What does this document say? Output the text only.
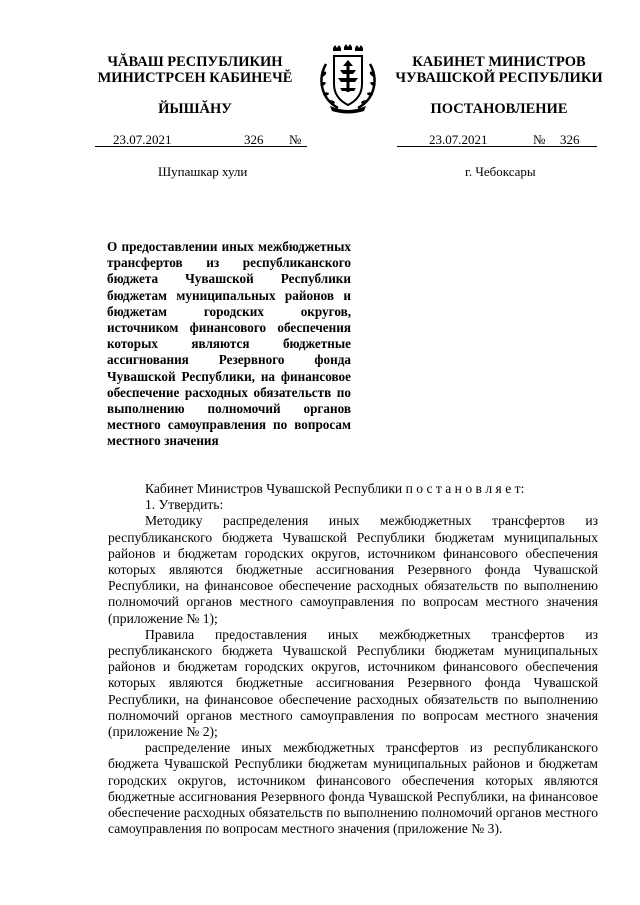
ЧĂВАШ РЕСПУБЛИКИН
МИНИСТРСЕН КАБИНЕЧĔ
ЙЫШĂНУ
КАБИНЕТ МИНИСТРОВ
ЧУВАШСКОЙ РЕСПУБЛИКИ
ПОСТАНОВЛЕНИЕ
23.07.2021	326 №	23.07.2021	№ 326
Шупашкар хули	г. Чебоксары
О предоставлении иных межбюджетных трансфертов из республиканского бюджета Чувашской Республики бюджетам муниципальных районов и бюджетам городских округов, источником финансового обеспечения которых являются бюджетные ассигнования Резервного фонда Чувашской Республики, на финансовое обеспечение расходных обязательств по выполнению полномочий органов местного самоуправления по вопросам местного значения

Кабинет Министров Чувашской Республики п о с т а н о в л я е т:

1. Утвердить:

Методику распределения иных межбюджетных трансфертов из республиканского бюджета Чувашской Республики бюджетам муниципальных районов и бюджетам городских округов, источником финансового обеспечения которых являются бюджетные ассигнования Резервного фонда Чувашской Республики, на финансовое обеспечение расходных обязательств по выполнению полномочий органов местного самоуправления по вопросам местного значения (приложение № 1);

Правила предоставления иных межбюджетных трансфертов из республиканского бюджета Чувашской Республики бюджетам муниципальных районов и бюджетам городских округов, источником финансового обеспечения которых являются бюджетные ассигнования Резервного фонда Чувашской Республики, на финансовое обеспечение расходных обязательств по выполнению полномочий органов местного самоуправления по вопросам местного значения (приложение № 2);

распределение иных межбюджетных трансфертов из республиканского бюджета Чувашской Республики бюджетам муниципальных районов и бюджетам городских округов, источником финансового обеспечения которых являются бюджетные ассигнования Резервного фонда Чувашской Республики, на финансовое обеспечение расходных обязательств по выполнению полномочий органов местного самоуправления по вопросам местного значения (приложение № 3).
